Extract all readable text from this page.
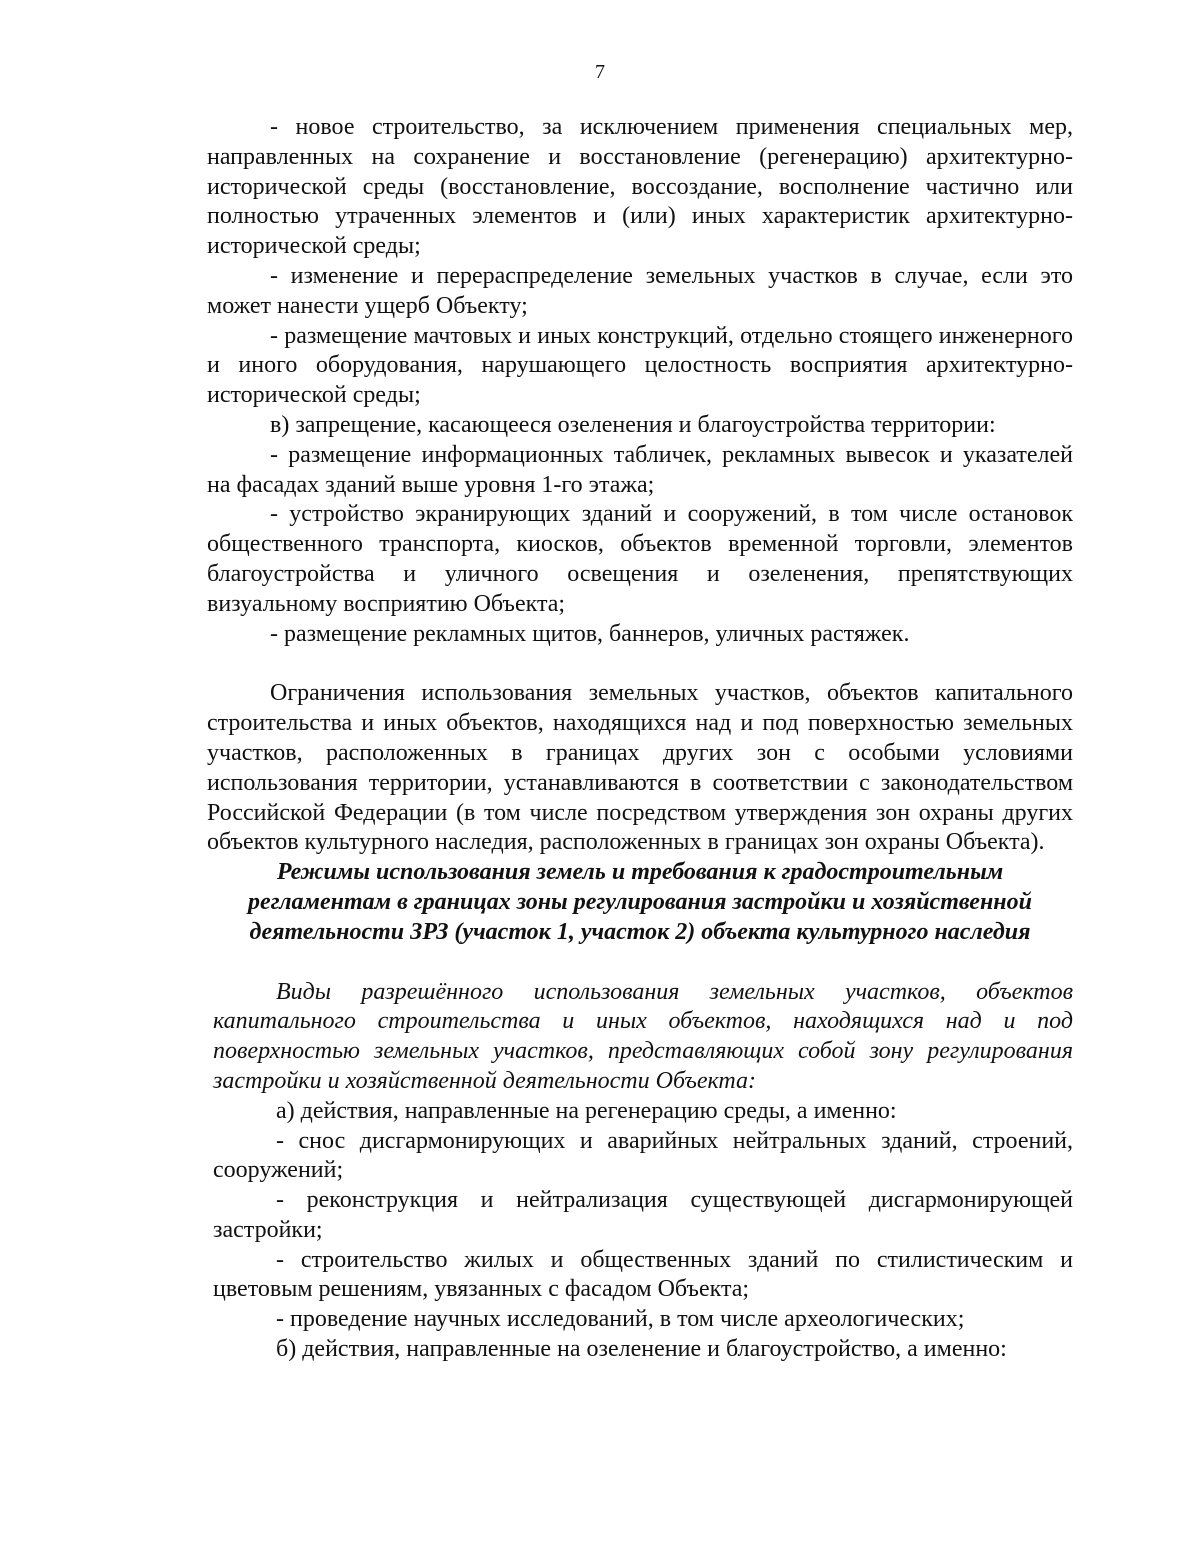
7

- новое строительство, за исключением применения специальных мер, направленных на сохранение и восстановление (регенерацию) архитектурно-исторической среды (восстановление, воссоздание, восполнение частично или полностью утраченных элементов и (или) иных характеристик архитектурно-исторической среды;

- изменение и перераспределение земельных участков в случае, если это может нанести ущерб Объекту;

- размещение мачтовых и иных конструкций, отдельно стоящего инженерного и иного оборудования, нарушающего целостность восприятия архитектурно-исторической среды;

в) запрещение, касающееся озеленения и благоустройства территории:

- размещение информационных табличек, рекламных вывесок и указателей на фасадах зданий выше уровня 1-го этажа;

- устройство экранирующих зданий и сооружений, в том числе остановок общественного транспорта, киосков, объектов временной торговли, элементов благоустройства и уличного освещения и озеленения, препятствующих визуальному восприятию Объекта;

- размещение рекламных щитов, баннеров, уличных растяжек.

Ограничения использования земельных участков, объектов капитального строительства и иных объектов, находящихся над и под поверхностью земельных участков, расположенных в границах других зон с особыми условиями использования территории, устанавливаются в соответствии с законодательством Российской Федерации (в том числе посредством утверждения зон охраны других объектов культурного наследия, расположенных в границах зон охраны Объекта).

Режимы использования земель и требования к градостроительным регламентам в границах зоны регулирования застройки и хозяйственной деятельности ЗРЗ (участок 1, участок 2) объекта культурного наследия

Виды разрешённого использования земельных участков, объектов капитального строительства и иных объектов, находящихся над и под поверхностью земельных участков, представляющих собой зону регулирования застройки и хозяйственной деятельности Объекта:

а) действия, направленные на регенерацию среды, а именно:

- снос дисгармонирующих и аварийных нейтральных зданий, строений, сооружений;

- реконструкция и нейтрализация существующей дисгармонирующей застройки;

- строительство жилых и общественных зданий по стилистическим и цветовым решениям, увязанных с фасадом Объекта;

- проведение научных исследований, в том числе археологических;

б) действия, направленные на озеленение и благоустройство, а именно:
